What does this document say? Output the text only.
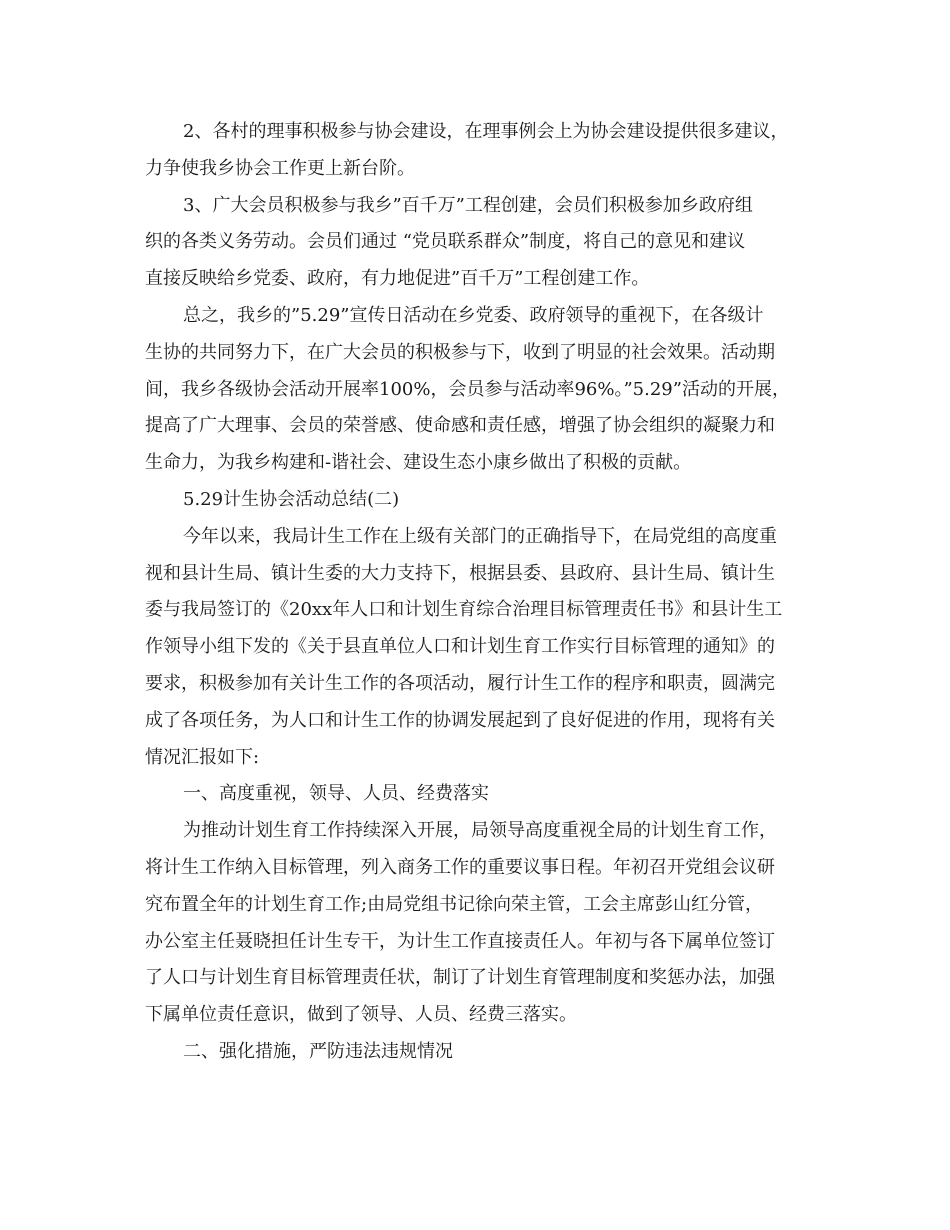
2、各村的理事积极参与协会建设，在理事例会上为协会建设提供很多建议，
力争使我乡协会工作更上新台阶。
3、广大会员积极参与我乡”百千万”工程创建，会员们积极参加乡政府组
织的各类义务劳动。会员们通过 “党员联系群众”制度，将自己的意见和建议
直接反映给乡党委、政府，有力地促进”百千万”工程创建工作。
总之，我乡的”5.29”宣传日活动在乡党委、政府领导的重视下，在各级计
生协的共同努力下，在广大会员的积极参与下，收到了明显的社会效果。活动期
间，我乡各级协会活动开展率100%，会员参与活动率96%。”5.29”活动的开展，
提高了广大理事、会员的荣誉感、使命感和责任感，增强了协会组织的凝聚力和
生命力，为我乡构建和-谐社会、建设生态小康乡做出了积极的贡献。
5.29计生协会活动总结(二)
今年以来，我局计生工作在上级有关部门的正确指导下，在局党组的高度重
视和县计生局、镇计生委的大力支持下，根据县委、县政府、县计生局、镇计生
委与我局签订的《20xx年人口和计划生育综合治理目标管理责任书》和县计生工
作领导小组下发的《关于县直单位人口和计划生育工作实行目标管理的通知》的
要求，积极参加有关计生工作的各项活动，履行计生工作的程序和职责，圆满完
成了各项任务，为人口和计生工作的协调发展起到了良好促进的作用，现将有关
情况汇报如下:
一、高度重视，领导、人员、经费落实
为推动计划生育工作持续深入开展，局领导高度重视全局的计划生育工作，
将计生工作纳入目标管理，列入商务工作的重要议事日程。年初召开党组会议研
究布置全年的计划生育工作;由局党组书记徐向荣主管，工会主席彭山红分管，
办公室主任聂晓担任计生专干，为计生工作直接责任人。年初与各下属单位签订
了人口与计划生育目标管理责任状，制订了计划生育管理制度和奖惩办法，加强
下属单位责任意识，做到了领导、人员、经费三落实。
二、强化措施，严防违法违规情况
